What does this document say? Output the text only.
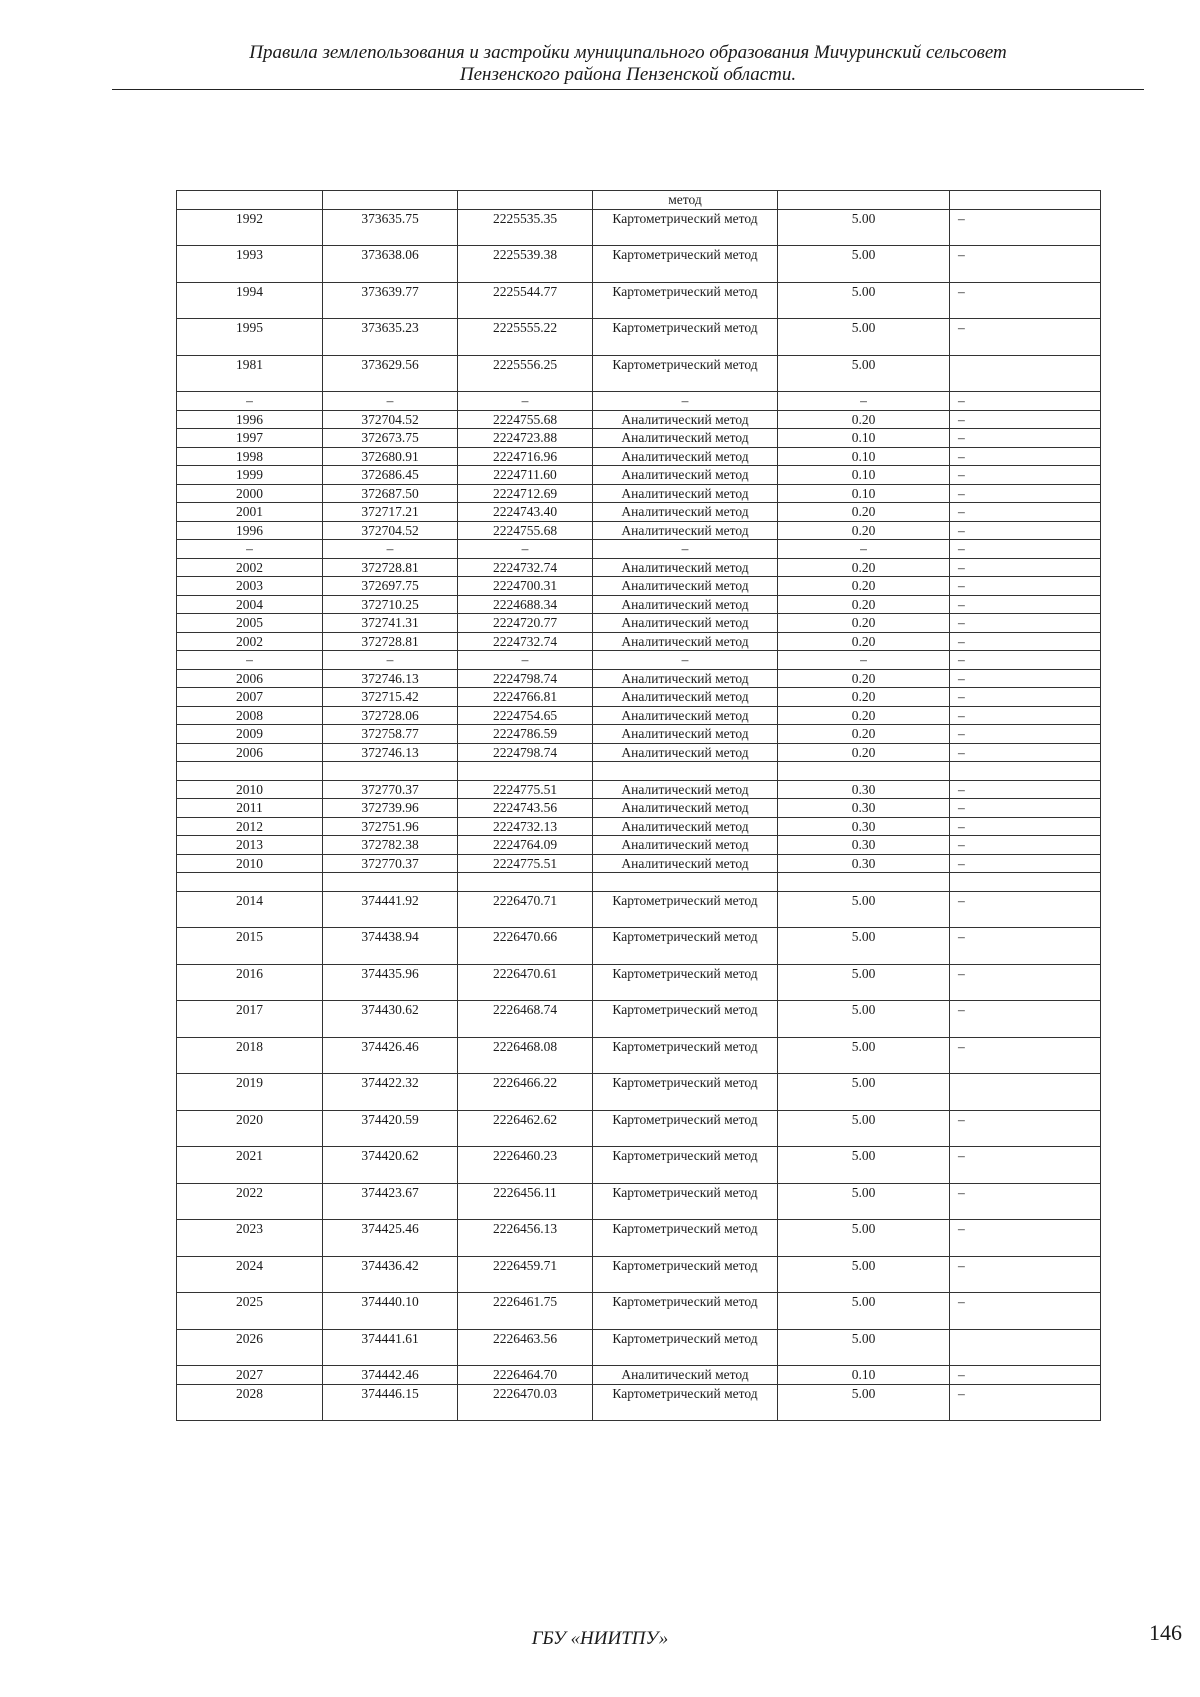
Правила землепользования и застройки муниципального образования Мичуринский сельсовет
Пензенского района Пензенской области.
			метод		
1992	373635.75	2225535.35	Картометрический метод	5.00	–
1993	373638.06	2225539.38	Картометрический метод	5.00	–
1994	373639.77	2225544.77	Картометрический метод	5.00	–
1995	373635.23	2225555.22	Картометрический метод	5.00	–
1981	373629.56	2225556.25	Картометрический метод	5.00	
–	–	–	–	–	–
1996	372704.52	2224755.68	Аналитический метод	0.20	–
1997	372673.75	2224723.88	Аналитический метод	0.10	–
1998	372680.91	2224716.96	Аналитический метод	0.10	–
1999	372686.45	2224711.60	Аналитический метод	0.10	–
2000	372687.50	2224712.69	Аналитический метод	0.10	–
2001	372717.21	2224743.40	Аналитический метод	0.20	–
1996	372704.52	2224755.68	Аналитический метод	0.20	–
–	–	–	–	–	–
2002	372728.81	2224732.74	Аналитический метод	0.20	–
2003	372697.75	2224700.31	Аналитический метод	0.20	–
2004	372710.25	2224688.34	Аналитический метод	0.20	–
2005	372741.31	2224720.77	Аналитический метод	0.20	–
2002	372728.81	2224732.74	Аналитический метод	0.20	–
–	–	–	–	–	–
2006	372746.13	2224798.74	Аналитический метод	0.20	–
2007	372715.42	2224766.81	Аналитический метод	0.20	–
2008	372728.06	2224754.65	Аналитический метод	0.20	–
2009	372758.77	2224786.59	Аналитический метод	0.20	–
2006	372746.13	2224798.74	Аналитический метод	0.20	–

2010	372770.37	2224775.51	Аналитический метод	0.30	–
2011	372739.96	2224743.56	Аналитический метод	0.30	–
2012	372751.96	2224732.13	Аналитический метод	0.30	–
2013	372782.38	2224764.09	Аналитический метод	0.30	–
2010	372770.37	2224775.51	Аналитический метод	0.30	–

2014	374441.92	2226470.71	Картометрический метод	5.00	–
2015	374438.94	2226470.66	Картометрический метод	5.00	–
2016	374435.96	2226470.61	Картометрический метод	5.00	–
2017	374430.62	2226468.74	Картометрический метод	5.00	–
2018	374426.46	2226468.08	Картометрический метод	5.00	–
2019	374422.32	2226466.22	Картометрический метод	5.00	
2020	374420.59	2226462.62	Картометрический метод	5.00	–
2021	374420.62	2226460.23	Картометрический метод	5.00	–
2022	374423.67	2226456.11	Картометрический метод	5.00	–
2023	374425.46	2226456.13	Картометрический метод	5.00	–
2024	374436.42	2226459.71	Картометрический метод	5.00	–
2025	374440.10	2226461.75	Картометрический метод	5.00	–
2026	374441.61	2226463.56	Картометрический метод	5.00	
2027	374442.46	2226464.70	Аналитический метод	0.10	–
2028	374446.15	2226470.03	Картометрический метод	5.00	–
ГБУ «НИИТПУ»	146
